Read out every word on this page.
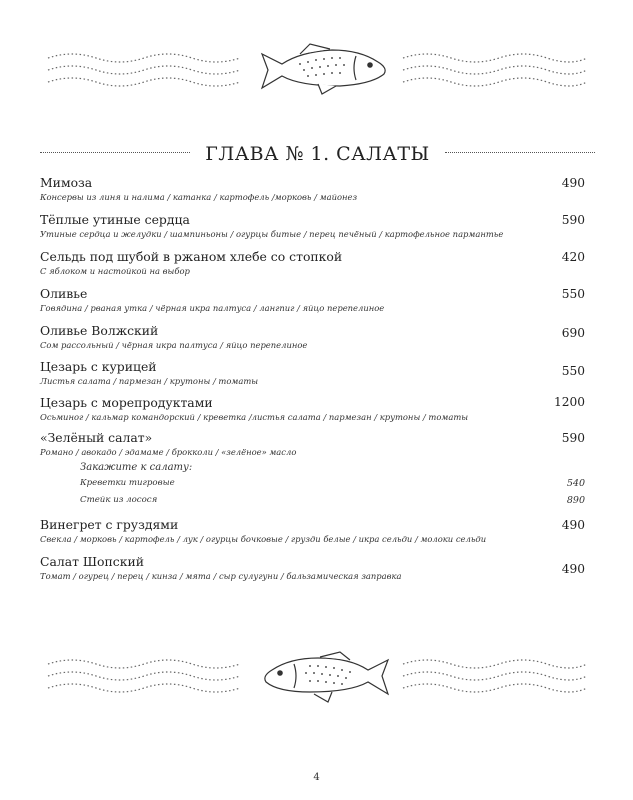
ГЛАВА № 1. САЛАТЫ
490
Мимоза
Консервы из линя и налима / катанка / картофель /морковь / майонез
590
Тёплые утиные сердца
Утиные сердца и желудки / шампиньоны / огурцы битые / перец печёный / картофельное пармантье
420
Сельдь под шубой в ржаном хлебе со стопкой
С яблоком и настойкой на выбор
550
Оливье
Говядина / рваная утка / чёрная икра палтуса / лангпиг / яйцо перепелиное
690
Оливье Волжский
Сом рассольный / чёрная икра палтуса / яйцо перепелиное
550
Цезарь с курицей
Листья салата / пармезан / крутоны / томаты
1200
Цезарь с морепродуктами
Осьминог / кальмар командорский / креветка /листья салата / пармезан / крутоны / томаты
590
«Зелёный салат»
Романо / авокадо / эдамаме / брокколи / «зелёное» масло
Закажите к салату:
Креветки тигровые	540
Стейк из лосося	890
490
Винегрет с груздями
Свекла / морковь / картофель / лук / огурцы бочковые / грузди белые / икра сельди / молоки сельди
490
Салат Шопский
Томат / огурец / перец / кинза / мята / сыр сулугуни / бальзамическая заправка
4
